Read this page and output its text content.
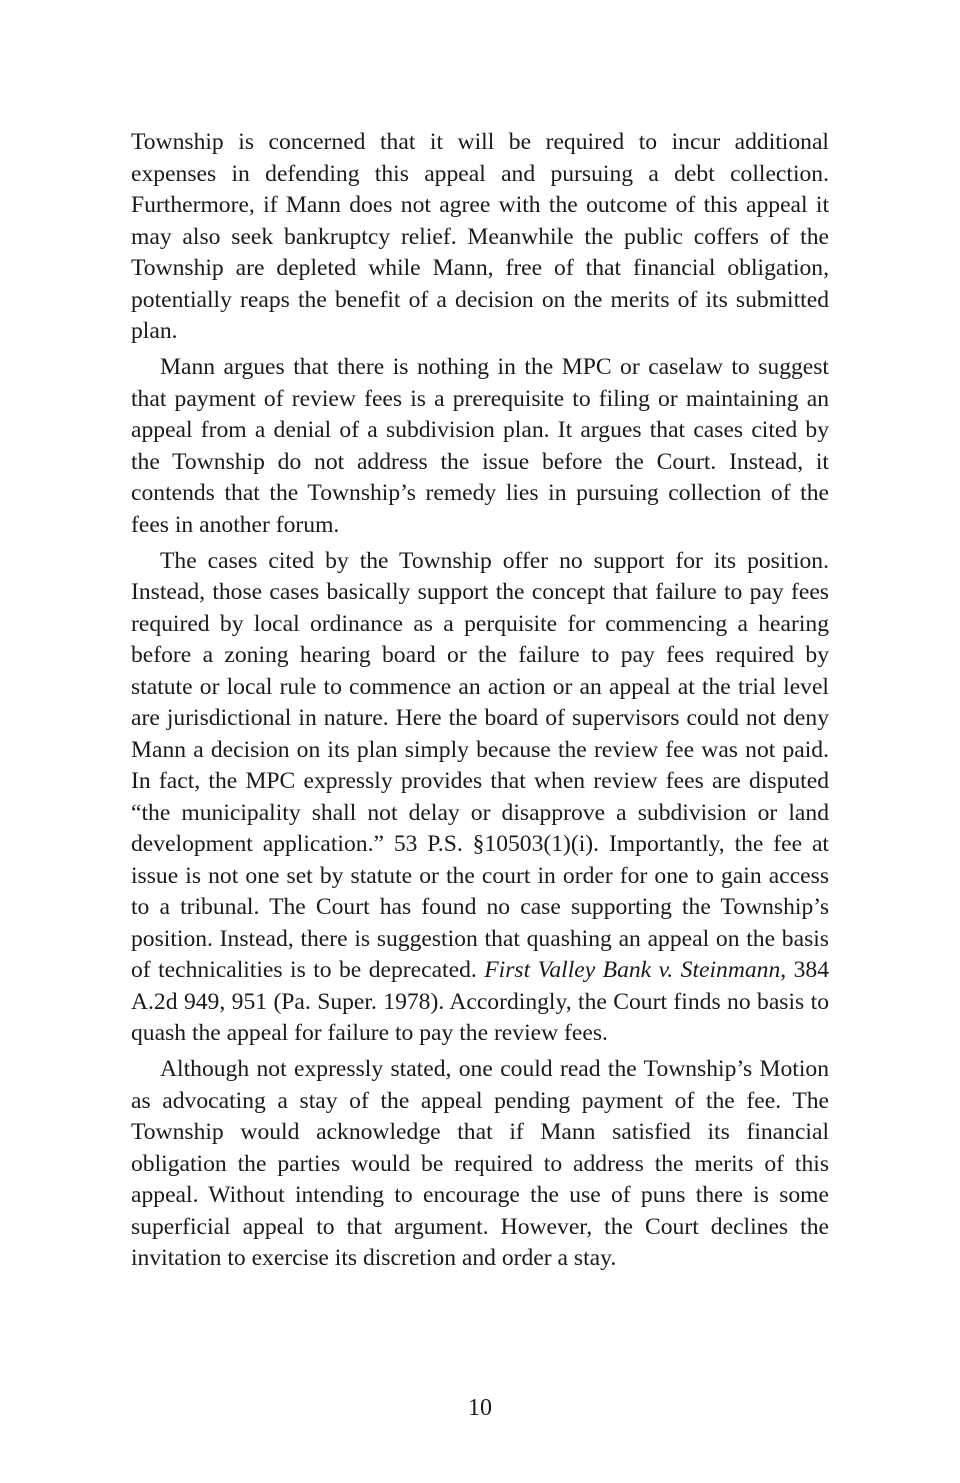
Township is concerned that it will be required to incur additional expenses in defending this appeal and pursuing a debt collection. Furthermore, if Mann does not agree with the outcome of this appeal it may also seek bankruptcy relief. Meanwhile the public coffers of the Township are depleted while Mann, free of that financial obligation, potentially reaps the benefit of a decision on the merits of its submitted plan.

Mann argues that there is nothing in the MPC or caselaw to suggest that payment of review fees is a prerequisite to filing or maintaining an appeal from a denial of a subdivision plan. It argues that cases cited by the Township do not address the issue before the Court. Instead, it contends that the Township’s remedy lies in pursuing collection of the fees in another forum.

The cases cited by the Township offer no support for its position. Instead, those cases basically support the concept that failure to pay fees required by local ordinance as a perquisite for commencing a hearing before a zoning hearing board or the failure to pay fees required by statute or local rule to commence an action or an appeal at the trial level are jurisdictional in nature. Here the board of supervisors could not deny Mann a decision on its plan simply because the review fee was not paid. In fact, the MPC expressly provides that when review fees are disputed “the municipality shall not delay or disapprove a subdivision or land development application.” 53 P.S. §10503(1)(i). Importantly, the fee at issue is not one set by statute or the court in order for one to gain access to a tribunal. The Court has found no case supporting the Township’s position. Instead, there is suggestion that quashing an appeal on the basis of technicalities is to be deprecated. First Valley Bank v. Steinmann, 384 A.2d 949, 951 (Pa. Super. 1978). Accordingly, the Court finds no basis to quash the appeal for failure to pay the review fees.

Although not expressly stated, one could read the Township’s Motion as advocating a stay of the appeal pending payment of the fee. The Township would acknowledge that if Mann satisfied its financial obligation the parties would be required to address the merits of this appeal. Without intending to encourage the use of puns there is some superficial appeal to that argument. However, the Court declines the invitation to exercise its discretion and order a stay.

10
